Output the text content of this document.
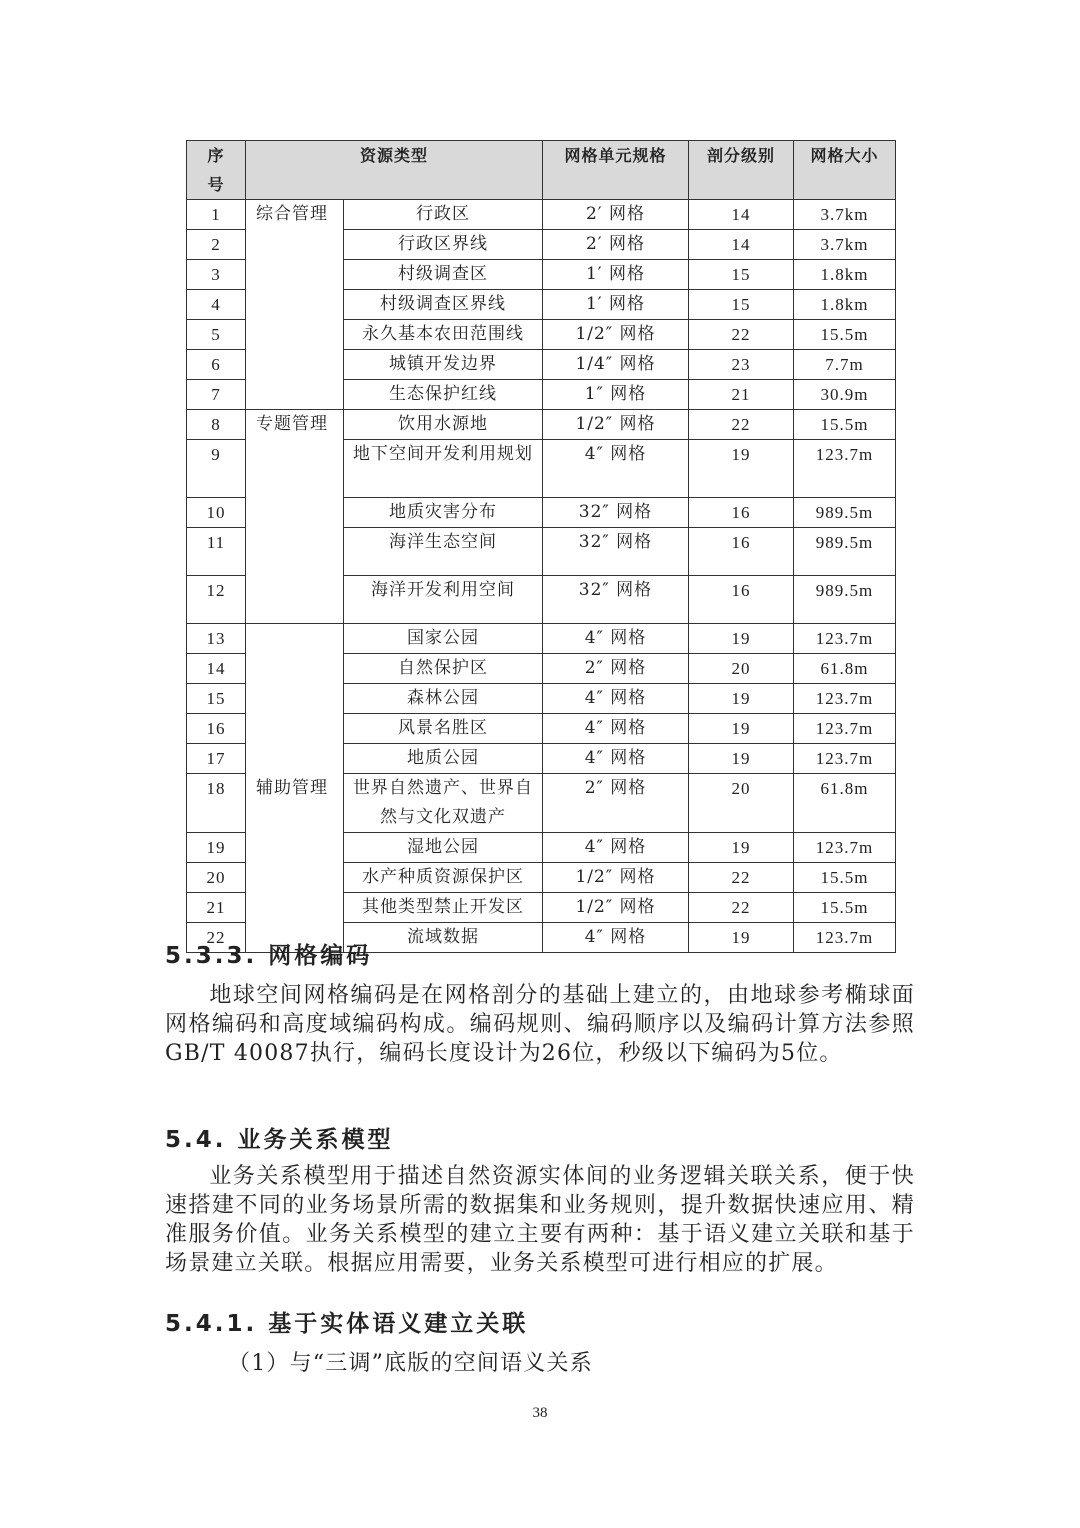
序号	资源类型		网格单元规格	剖分级别	网格大小
1	综合管理	行政区	2′ 网格	14	3.7km
2		行政区界线	2′ 网格	14	3.7km
3		村级调查区	1′ 网格	15	1.8km
4		村级调查区界线	1′ 网格	15	1.8km
5		永久基本农田范围线	1/2″ 网格	22	15.5m
6		城镇开发边界	1/4″ 网格	23	7.7m
7		生态保护红线	1″ 网格	21	30.9m
8	专题管理	饮用水源地	1/2″ 网格	22	15.5m
9		地下空间开发利用规划	4″ 网格	19	123.7m
10		地质灾害分布	32″ 网格	16	989.5m
11		海洋生态空间	32″ 网格	16	989.5m
12		海洋开发利用空间	32″ 网格	16	989.5m
13	辅助管理	国家公园	4″ 网格	19	123.7m
14		自然保护区	2″ 网格	20	61.8m
15		森林公园	4″ 网格	19	123.7m
16		风景名胜区	4″ 网格	19	123.7m
17		地质公园	4″ 网格	19	123.7m
18		世界自然遗产、世界自然与文化双遗产	2″ 网格	20	61.8m
19		湿地公园	4″ 网格	19	123.7m
20		水产种质资源保护区	1/2″ 网格	22	15.5m
21		其他类型禁止开发区	1/2″ 网格	22	15.5m
22		流域数据	4″ 网格	19	123.7m
5.3.3. 网格编码
地球空间网格编码是在网格剖分的基础上建立的，由地球参考椭球面网格编码和高度域编码构成。编码规则、编码顺序以及编码计算方法参照GB/T 40087执行，编码长度设计为26位，秒级以下编码为5位。
5.4. 业务关系模型
业务关系模型用于描述自然资源实体间的业务逻辑关联关系，便于快速搭建不同的业务场景所需的数据集和业务规则，提升数据快速应用、精准服务价值。业务关系模型的建立主要有两种：基于语义建立关联和基于场景建立关联。根据应用需要，业务关系模型可进行相应的扩展。
5.4.1. 基于实体语义建立关联
（1）与“三调”底版的空间语义关系
38
